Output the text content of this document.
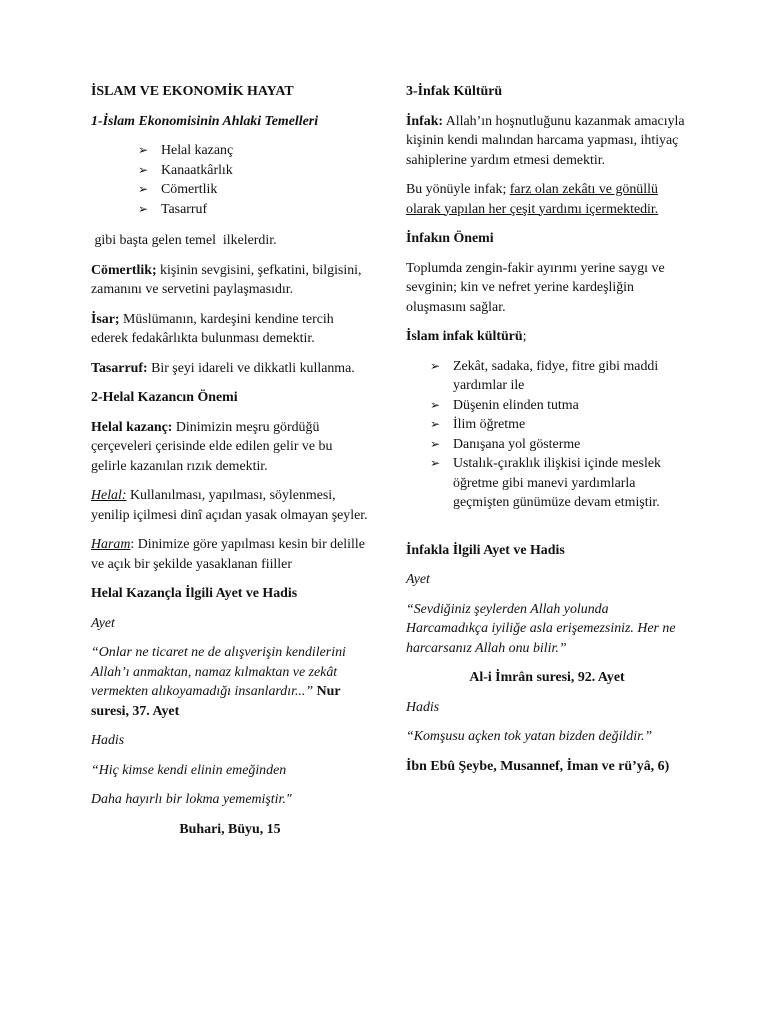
İSLAM VE EKONOMİK HAYAT

1-İslam Ekonomisinin Ahlaki Temelleri

➢ Helal kazanç
➢ Kanaatkârlık
➢ Cömertlik
➢ Tasarruf

gibi başta gelen temel  ilkelerdir.

Cömertlik; kişinin sevgisini, şefkatini, bilgisini, zamanını ve servetini paylaşmasıdır.

İsar; Müslümanın, kardeşini kendine tercih ederek fedakârlıkta bulunması demektir.

Tasarruf: Bir şeyi idareli ve dikkatli kullanma.

2-Helal Kazancın Önemi

Helal kazanç: Dinimizin meşru gördüğü çerçeveleri çerisinde elde edilen gelir ve bu gelirle kazanılan rızık demektir.

Helal: Kullanılması, yapılması, söylenmesi, yenilip içilmesi dinî açıdan yasak olmayan şeyler.

Haram: Dinimize göre yapılması kesin bir delille ve açık bir şekilde yasaklanan fiiller

Helal Kazançla İlgili Ayet ve Hadis

Ayet

“Onlar ne ticaret ne de alışverişin kendilerini Allah’ı anmaktan, namaz kılmaktan ve zekât vermekten alıkoyamadığı insanlardır...” Nur suresi, 37. Ayet

Hadis

“Hiç kimse kendi elinin emeğinden

Daha hayırlı bir lokma yememiştir."

Buhari, Büyu, 15

3-İnfak Kültürü

İnfak: Allah’ın hoşnutluğunu kazanmak amacıyla kişinin kendi malından harcama yapması, ihtiyaç sahiplerine yardım etmesi demektir.

Bu yönüyle infak; farz olan zekâtı ve gönüllü olarak yapılan her çeşit yardımı içermektedir.

İnfakın Önemi

Toplumda zengin-fakir ayırımı yerine saygı ve sevginin; kin ve nefret yerine kardeşliğin oluşmasını sağlar.

İslam infak kültürü;

➢ Zekât, sadaka, fidye, fitre gibi maddi yardımlar ile
➢ Düşenin elinden tutma
➢ İlim öğretme
➢ Danışana yol gösterme
➢ Ustalık-çıraklık ilişkisi içinde meslek öğretme gibi manevi yardımlarla geçmişten günümüze devam etmiştir.

İnfakla İlgili Ayet ve Hadis

Ayet

“Sevdiğiniz şeylerden Allah yolunda Harcamadıkça iyiliğe asla erişemezsiniz. Her ne harcarsanız Allah onu bilir.”

Al-i İmrân suresi, 92. Ayet

Hadis

“Komşusu açken tok yatan bizden değildir.”

İbn Ebû Şeybe, Musannef, İman ve rü’yâ, 6)
